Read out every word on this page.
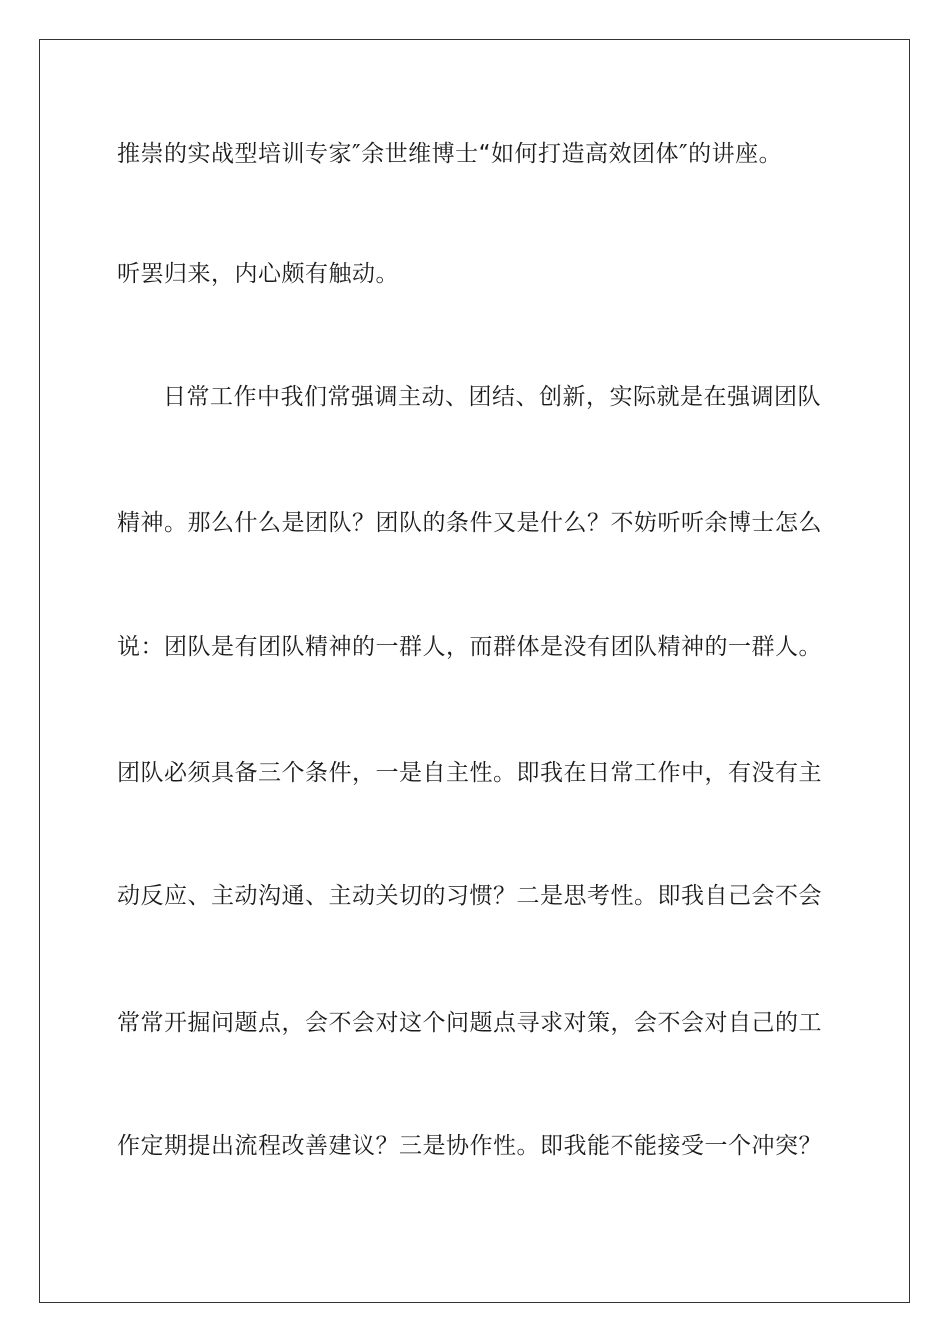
推崇的实战型培训专家″余世维博士“如何打造高效团体″的讲座。
听罢归来，内心颇有触动。
日常工作中我们常强调主动、团结、创新，实际就是在强调团队
精神。那么什么是团队？团队的条件又是什么？不妨听听余博士怎么
说：团队是有团队精神的一群人，而群体是没有团队精神的一群人。
团队必须具备三个条件，一是自主性。即我在日常工作中，有没有主
动反应、主动沟通、主动关切的习惯？二是思考性。即我自己会不会
常常开掘问题点，会不会对这个问题点寻求对策，会不会对自己的工
作定期提出流程改善建议？三是协作性。即我能不能接受一个冲突？
